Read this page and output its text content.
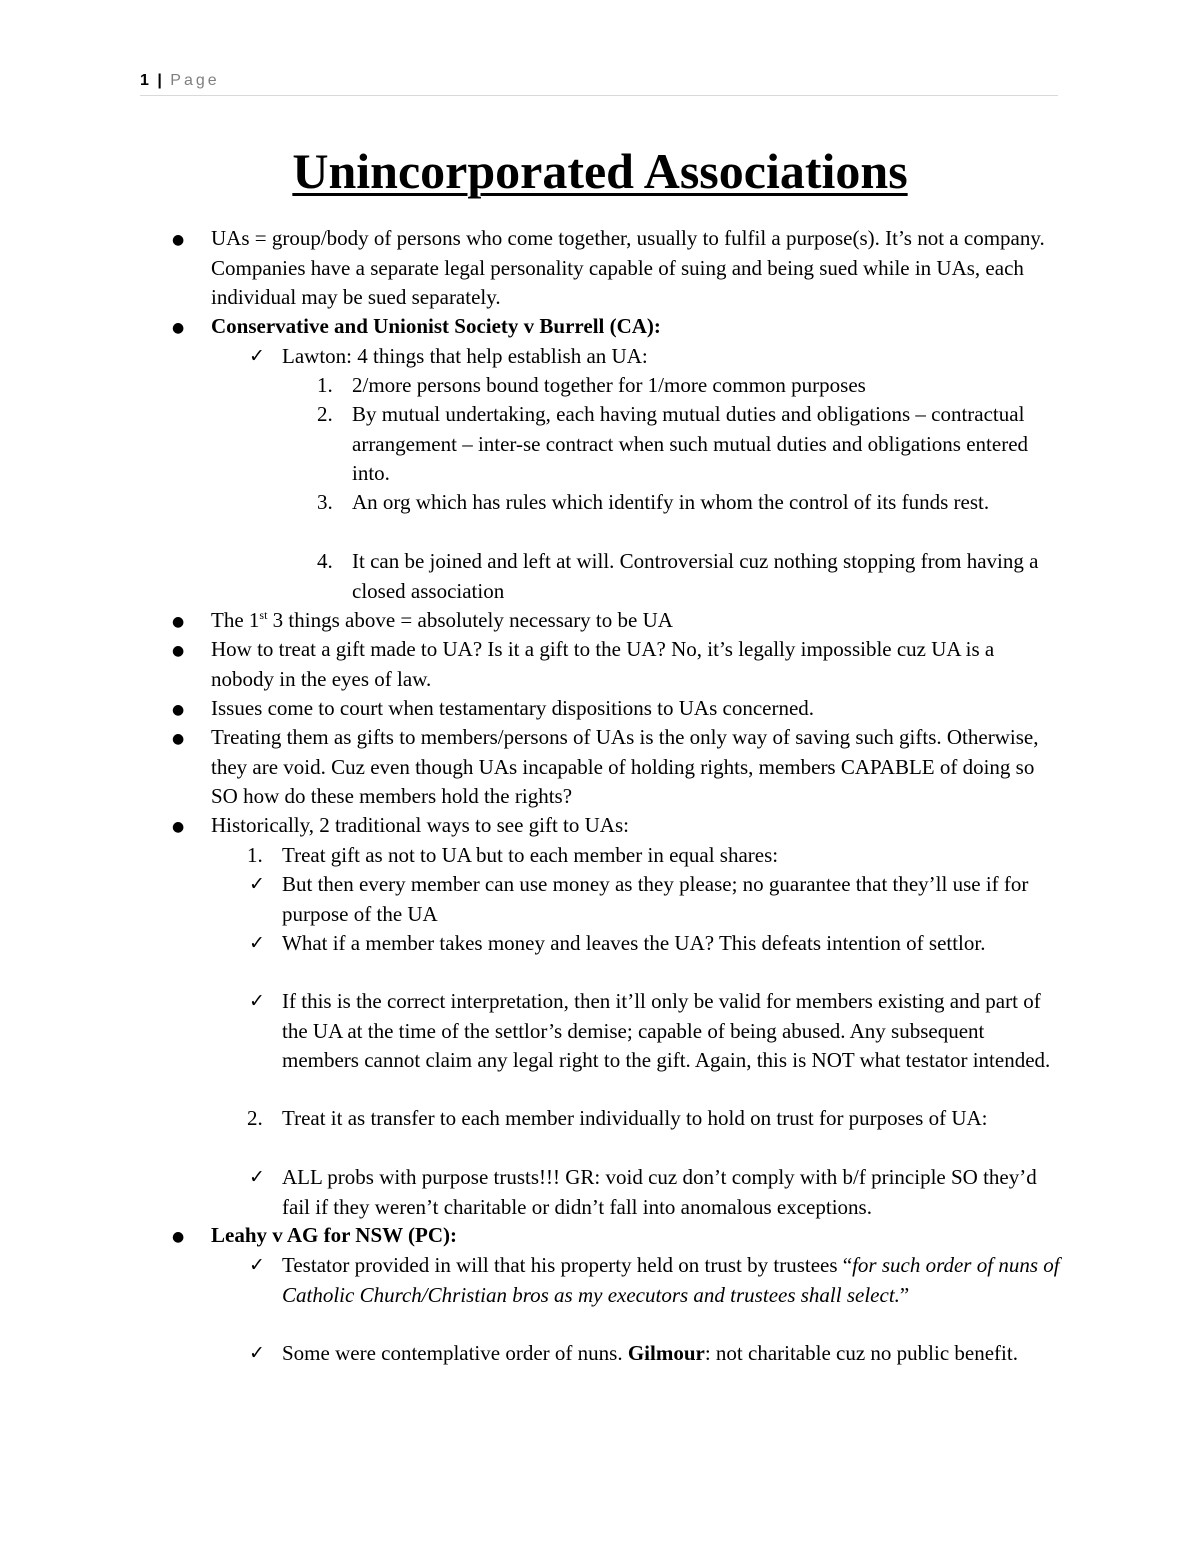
1 | Page
Unincorporated Associations
● UAs = group/body of persons who come together, usually to fulfil a purpose(s). It’s not a company. Companies have a separate legal personality capable of suing and being sued while in UAs, each individual may be sued separately.
● Conservative and Unionist Society v Burrell (CA):
✓ Lawton: 4 things that help establish an UA:
1. 2/more persons bound together for 1/more common purposes
2. By mutual undertaking, each having mutual duties and obligations – contractual arrangement – inter-se contract when such mutual duties and obligations entered into.
3. An org which has rules which identify in whom the control of its funds rest.
4. It can be joined and left at will. Controversial cuz nothing stopping from having a closed association
● The 1st 3 things above = absolutely necessary to be UA
● How to treat a gift made to UA? Is it a gift to the UA? No, it’s legally impossible cuz UA is a nobody in the eyes of law.
● Issues come to court when testamentary dispositions to UAs concerned.
● Treating them as gifts to members/persons of UAs is the only way of saving such gifts. Otherwise, they are void. Cuz even though UAs incapable of holding rights, members CAPABLE of doing so SO how do these members hold the rights?
● Historically, 2 traditional ways to see gift to UAs:
1. Treat gift as not to UA but to each member in equal shares:
✓ But then every member can use money as they please; no guarantee that they’ll use if for purpose of the UA
✓ What if a member takes money and leaves the UA? This defeats intention of settlor.
✓ If this is the correct interpretation, then it’ll only be valid for members existing and part of the UA at the time of the settlor’s demise; capable of being abused. Any subsequent members cannot claim any legal right to the gift. Again, this is NOT what testator intended.
2. Treat it as transfer to each member individually to hold on trust for purposes of UA:
✓ ALL probs with purpose trusts!!! GR: void cuz don’t comply with b/f principle SO they’d fail if they weren’t charitable or didn’t fall into anomalous exceptions.
● Leahy v AG for NSW (PC):
✓ Testator provided in will that his property held on trust by trustees “for such order of nuns of Catholic Church/Christian bros as my executors and trustees shall select.”
✓ Some were contemplative order of nuns. Gilmour: not charitable cuz no public benefit.
